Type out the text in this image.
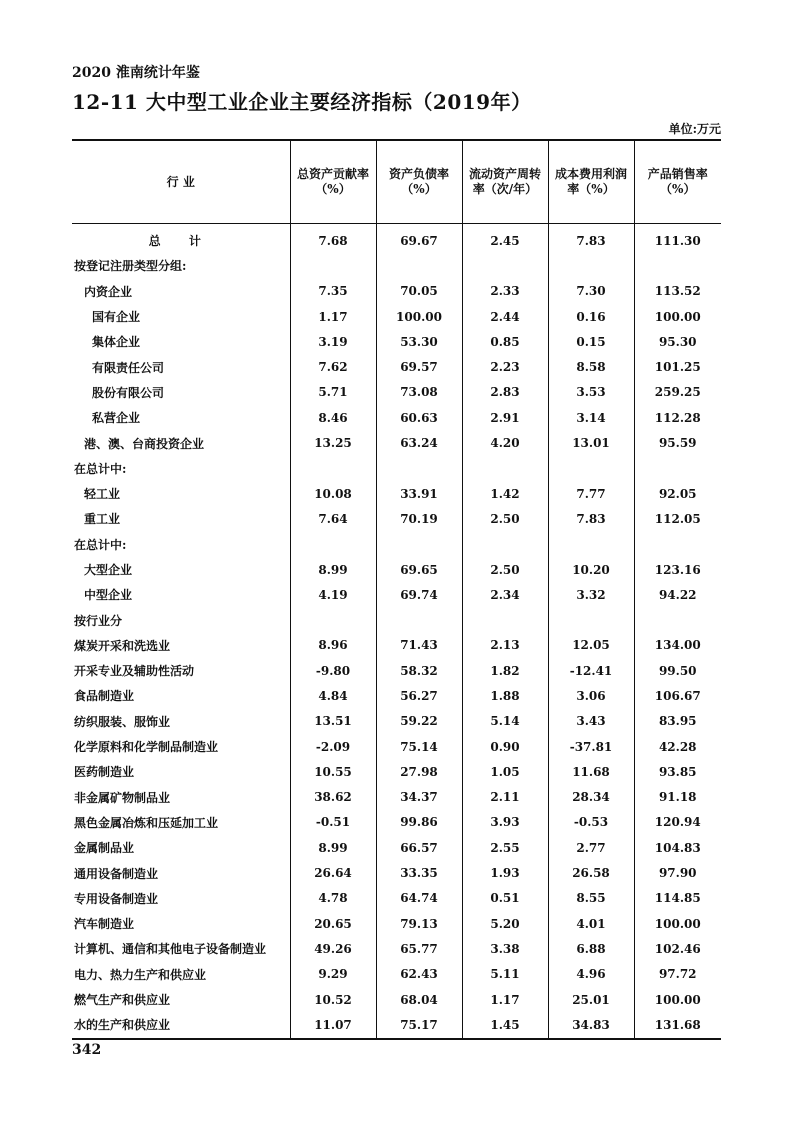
2020 淮南统计年鉴
12-11 大中型工业企业主要经济指标（2019年）
单位:万元
行 业	总资产贡献率（%）	资产负债率（%）	流动资产周转率（次/年）	成本费用利润率（%）	产品销售率（%）
总 计	7.68	69.67	2.45	7.83	111.30
按登记注册类型分组:					
内资企业	7.35	70.05	2.33	7.30	113.52
国有企业	1.17	100.00	2.44	0.16	100.00
集体企业	3.19	53.30	0.85	0.15	95.30
有限责任公司	7.62	69.57	2.23	8.58	101.25
股份有限公司	5.71	73.08	2.83	3.53	259.25
私营企业	8.46	60.63	2.91	3.14	112.28
港、澳、台商投资企业	13.25	63.24	4.20	13.01	95.59
在总计中:					
轻工业	10.08	33.91	1.42	7.77	92.05
重工业	7.64	70.19	2.50	7.83	112.05
在总计中:					
大型企业	8.99	69.65	2.50	10.20	123.16
中型企业	4.19	69.74	2.34	3.32	94.22
按行业分					
煤炭开采和洗选业	8.96	71.43	2.13	12.05	134.00
开采专业及辅助性活动	-9.80	58.32	1.82	-12.41	99.50
食品制造业	4.84	56.27	1.88	3.06	106.67
纺织服装、服饰业	13.51	59.22	5.14	3.43	83.95
化学原料和化学制品制造业	-2.09	75.14	0.90	-37.81	42.28
医药制造业	10.55	27.98	1.05	11.68	93.85
非金属矿物制品业	38.62	34.37	2.11	28.34	91.18
黑色金属冶炼和压延加工业	-0.51	99.86	3.93	-0.53	120.94
金属制品业	8.99	66.57	2.55	2.77	104.83
通用设备制造业	26.64	33.35	1.93	26.58	97.90
专用设备制造业	4.78	64.74	0.51	8.55	114.85
汽车制造业	20.65	79.13	5.20	4.01	100.00
计算机、通信和其他电子设备制造业	49.26	65.77	3.38	6.88	102.46
电力、热力生产和供应业	9.29	62.43	5.11	4.96	97.72
燃气生产和供应业	10.52	68.04	1.17	25.01	100.00
水的生产和供应业	11.07	75.17	1.45	34.83	131.68
342
